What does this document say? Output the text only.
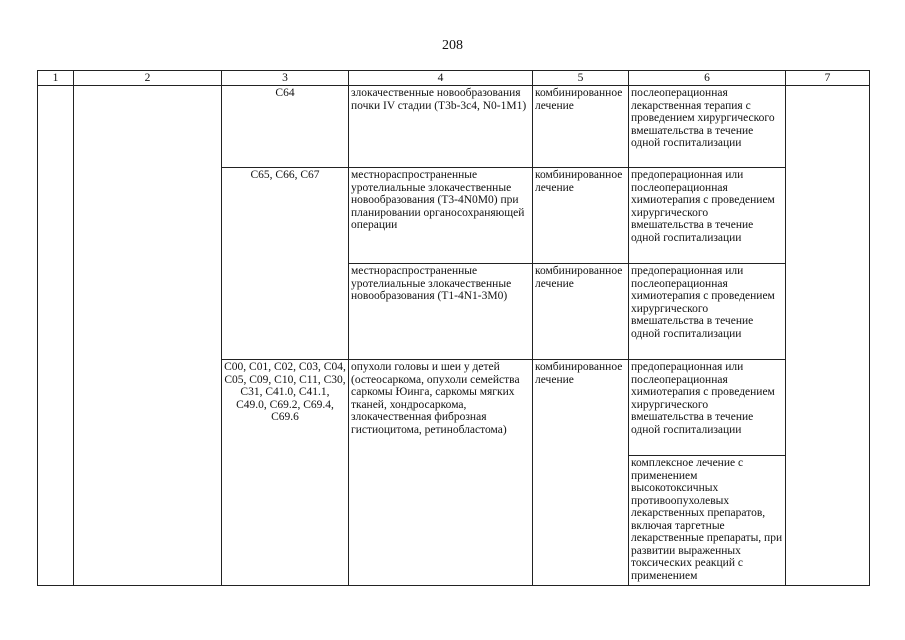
208
1	2	3	4	5	6	7
		С64	злокачественные новообразования почки IV стадии (T3b-3c4, N0-1M1)	комбинированное лечение	послеоперационная лекарственная терапия с проведением хирургического вмешательства в течение одной госпитализации	
		С65, С66, С67	местнораспространенные уротелиальные злокачественные новообразования (T3-4N0M0) при планировании органосохраняющей операции	комбинированное лечение	предоперационная или послеоперационная химиотерапия с проведением хирургического вмешательства в течение одной госпитализации	
			местнораспространенные уротелиальные злокачественные новообразования (T1-4N1-3M0)	комбинированное лечение	предоперационная или послеоперационная химиотерапия с проведением хирургического вмешательства в течение одной госпитализации	
		С00, С01, С02, С03, С04, С05, С09, С10, С11, С30, С31, С41.0, С41.1, С49.0, С69.2, С69.4, С69.6	опухоли головы и шеи у детей (остеосаркома, опухоли семейства саркомы Юинга, саркомы мягких тканей, хондросаркома, злокачественная фиброзная гистиоцитома, ретинобластома)	комбинированное лечение	предоперационная или послеоперационная химиотерапия с проведением хирургического вмешательства в течение одной госпитализации	
					комплексное лечение с применением высокотоксичных противоопухолевых лекарственных препаратов, включая таргетные лекарственные препараты, при развитии выраженных токсических реакций с применением	
